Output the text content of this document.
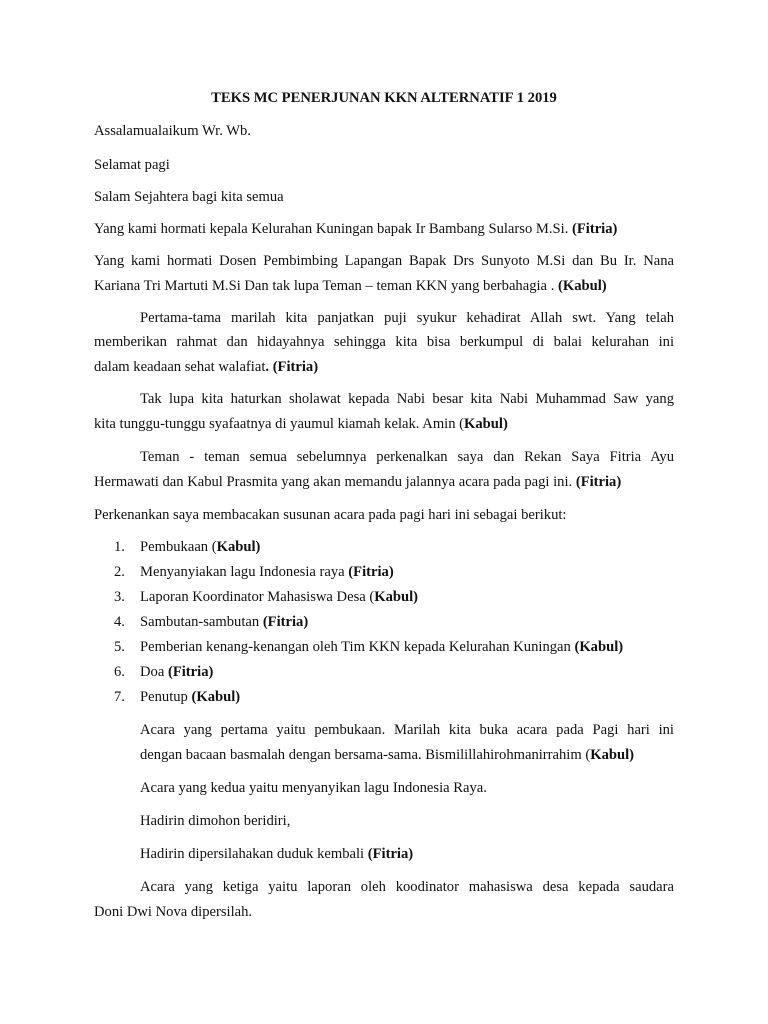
TEKS MC PENERJUNAN KKN ALTERNATIF 1 2019
Assalamualaikum Wr. Wb.
Selamat pagi
Salam Sejahtera bagi kita semua
Yang kami hormati kepala Kelurahan Kuningan bapak Ir Bambang Sularso M.Si. (Fitria)
Yang kami hormati Dosen Pembimbing Lapangan Bapak Drs Sunyoto M.Si dan Bu Ir. Nana
Kariana Tri Martuti M.Si Dan tak lupa Teman – teman KKN yang berbahagia . (Kabul)
Pertama-tama marilah kita panjatkan puji syukur kehadirat Allah swt. Yang telah
memberikan rahmat dan hidayahnya sehingga kita bisa berkumpul di balai kelurahan ini
dalam keadaan sehat walafiat. (Fitria)
Tak lupa kita haturkan sholawat kepada Nabi besar kita Nabi Muhammad Saw yang
kita tunggu-tunggu syafaatnya di yaumul kiamah kelak. Amin (Kabul)
Teman - teman semua sebelumnya perkenalkan saya dan Rekan Saya Fitria Ayu
Hermawati dan Kabul Prasmita yang akan memandu jalannya acara pada pagi ini. (Fitria)
Perkenankan saya membacakan susunan acara pada pagi hari ini sebagai berikut:
1. Pembukaan (Kabul)
2. Menyanyiakan lagu Indonesia raya (Fitria)
3. Laporan Koordinator Mahasiswa Desa (Kabul)
4. Sambutan-sambutan (Fitria)
5. Pemberian kenang-kenangan oleh Tim KKN kepada Kelurahan Kuningan (Kabul)
6. Doa (Fitria)
7. Penutup (Kabul)
Acara yang pertama yaitu pembukaan. Marilah kita buka acara pada Pagi hari ini
dengan bacaan basmalah dengan bersama-sama. Bismilillahirohmanirrahim (Kabul)
Acara yang kedua yaitu menyanyikan lagu Indonesia Raya.
Hadirin dimohon beridiri,
Hadirin dipersilahakan duduk kembali (Fitria)
Acara yang ketiga yaitu laporan oleh koodinator mahasiswa desa kepada saudara
Doni Dwi Nova dipersilah.
